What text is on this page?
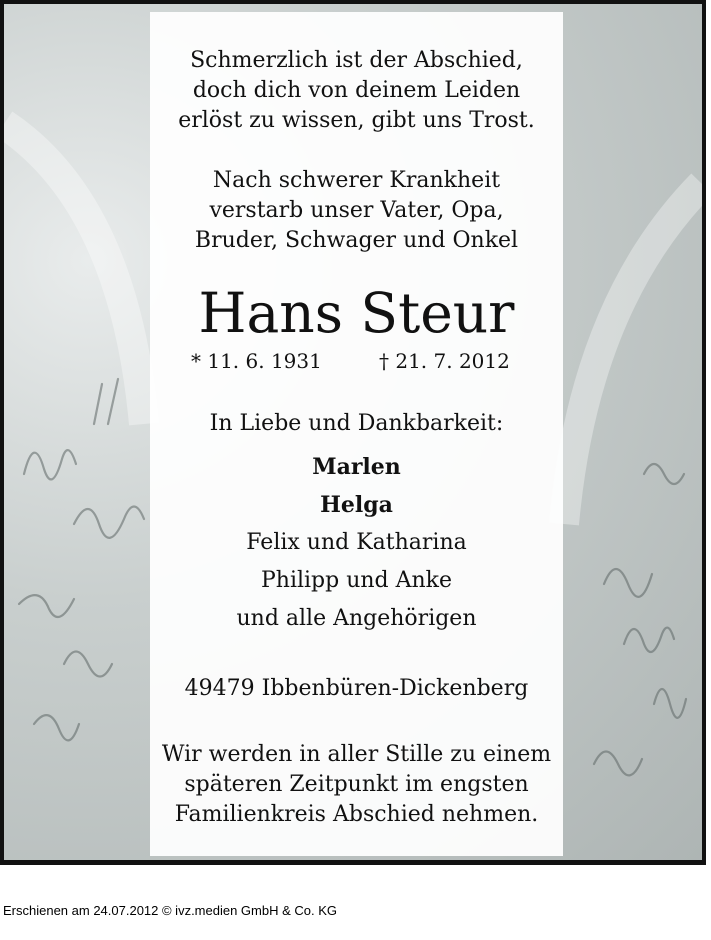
Schmerzlich ist der Abschied,
doch dich von deinem Leiden
erlöst zu wissen, gibt uns Trost.
Nach schwerer Krankheit
verstarb unser Vater, Opa,
Bruder, Schwager und Onkel
Hans Steur
* 11. 6. 1931	† 21. 7. 2012
In Liebe und Dankbarkeit:
Marlen
Helga
Felix und Katharina
Philipp und Anke
und alle Angehörigen
49479 Ibbenbüren-Dickenberg
Wir werden in aller Stille zu einem
späteren Zeitpunkt im engsten
Familienkreis Abschied nehmen.
Erschienen am 24.07.2012 © ivz.medien GmbH & Co. KG
